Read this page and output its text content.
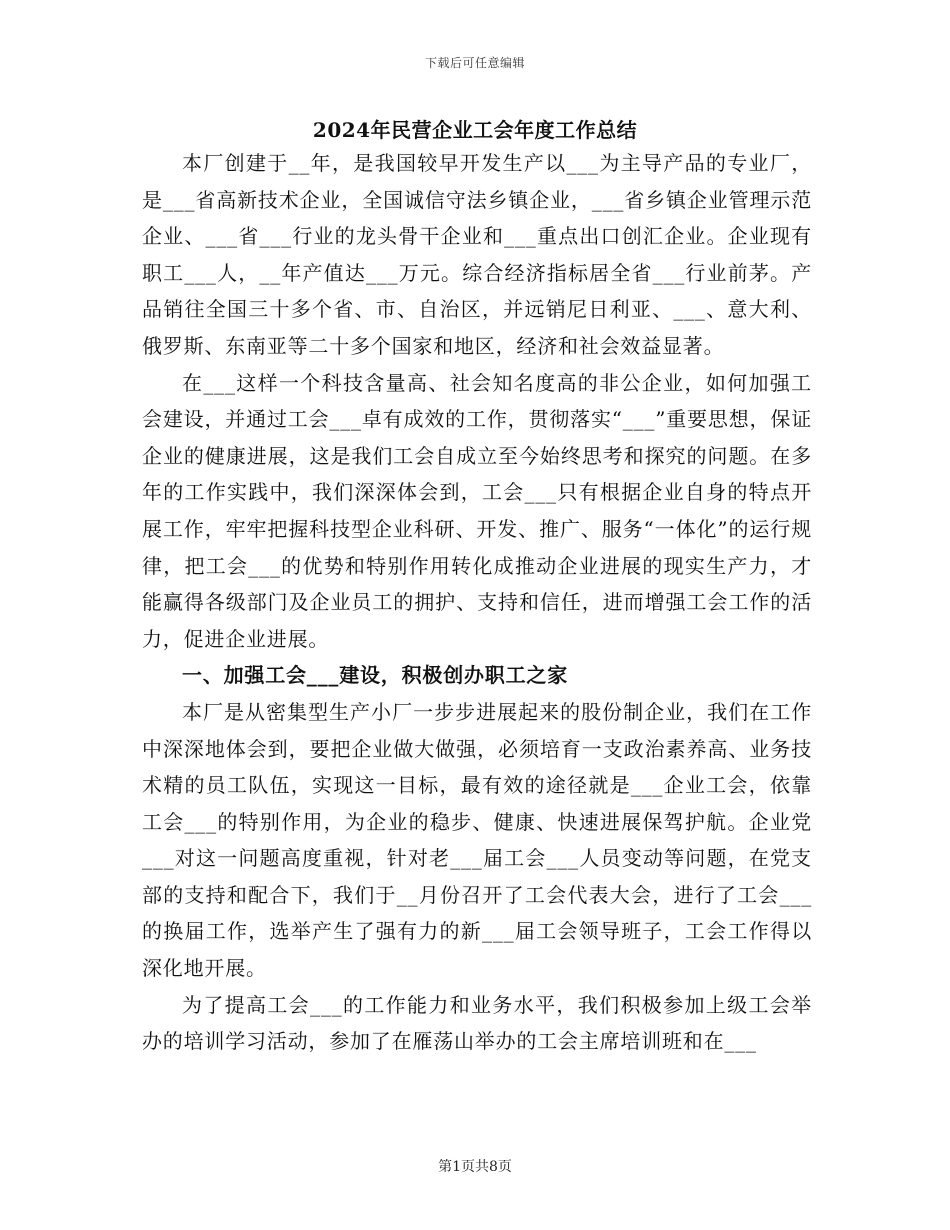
下载后可任意编辑
2024年民营企业工会年度工作总结

本厂创建于__年，是我国较早开发生产以___为主导产品的专业厂，是___省高新技术企业，全国诚信守法乡镇企业，___省乡镇企业管理示范企业、___省___行业的龙头骨干企业和___重点出口创汇企业。企业现有职工___人，__年产值达___万元。综合经济指标居全省___行业前茅。产品销往全国三十多个省、市、自治区，并远销尼日利亚、___、意大利、俄罗斯、东南亚等二十多个国家和地区，经济和社会效益显著。

在___这样一个科技含量高、社会知名度高的非公企业，如何加强工会建设，并通过工会___卓有成效的工作，贯彻落实“___”重要思想，保证企业的健康进展，这是我们工会自成立至今始终思考和探究的问题。在多年的工作实践中，我们深深体会到，工会___只有根据企业自身的特点开展工作，牢牢把握科技型企业科研、开发、推广、服务“一体化”的运行规律，把工会___的优势和特别作用转化成推动企业进展的现实生产力，才能赢得各级部门及企业员工的拥护、支持和信任，进而增强工会工作的活力，促进企业进展。

一、加强工会___建设，积极创办职工之家

本厂是从密集型生产小厂一步步进展起来的股份制企业，我们在工作中深深地体会到，要把企业做大做强，必须培育一支政治素养高、业务技术精的员工队伍，实现这一目标，最有效的途径就是___企业工会，依靠工会___的特别作用，为企业的稳步、健康、快速进展保驾护航。企业党___对这一问题高度重视，针对老___届工会___人员变动等问题，在党支部的支持和配合下，我们于__月份召开了工会代表大会，进行了工会___的换届工作，选举产生了强有力的新___届工会领导班子，工会工作得以深化地开展。

为了提高工会___的工作能力和业务水平，我们积极参加上级工会举办的培训学习活动，参加了在雁荡山举办的工会主席培训班和在___

第1页共8页
